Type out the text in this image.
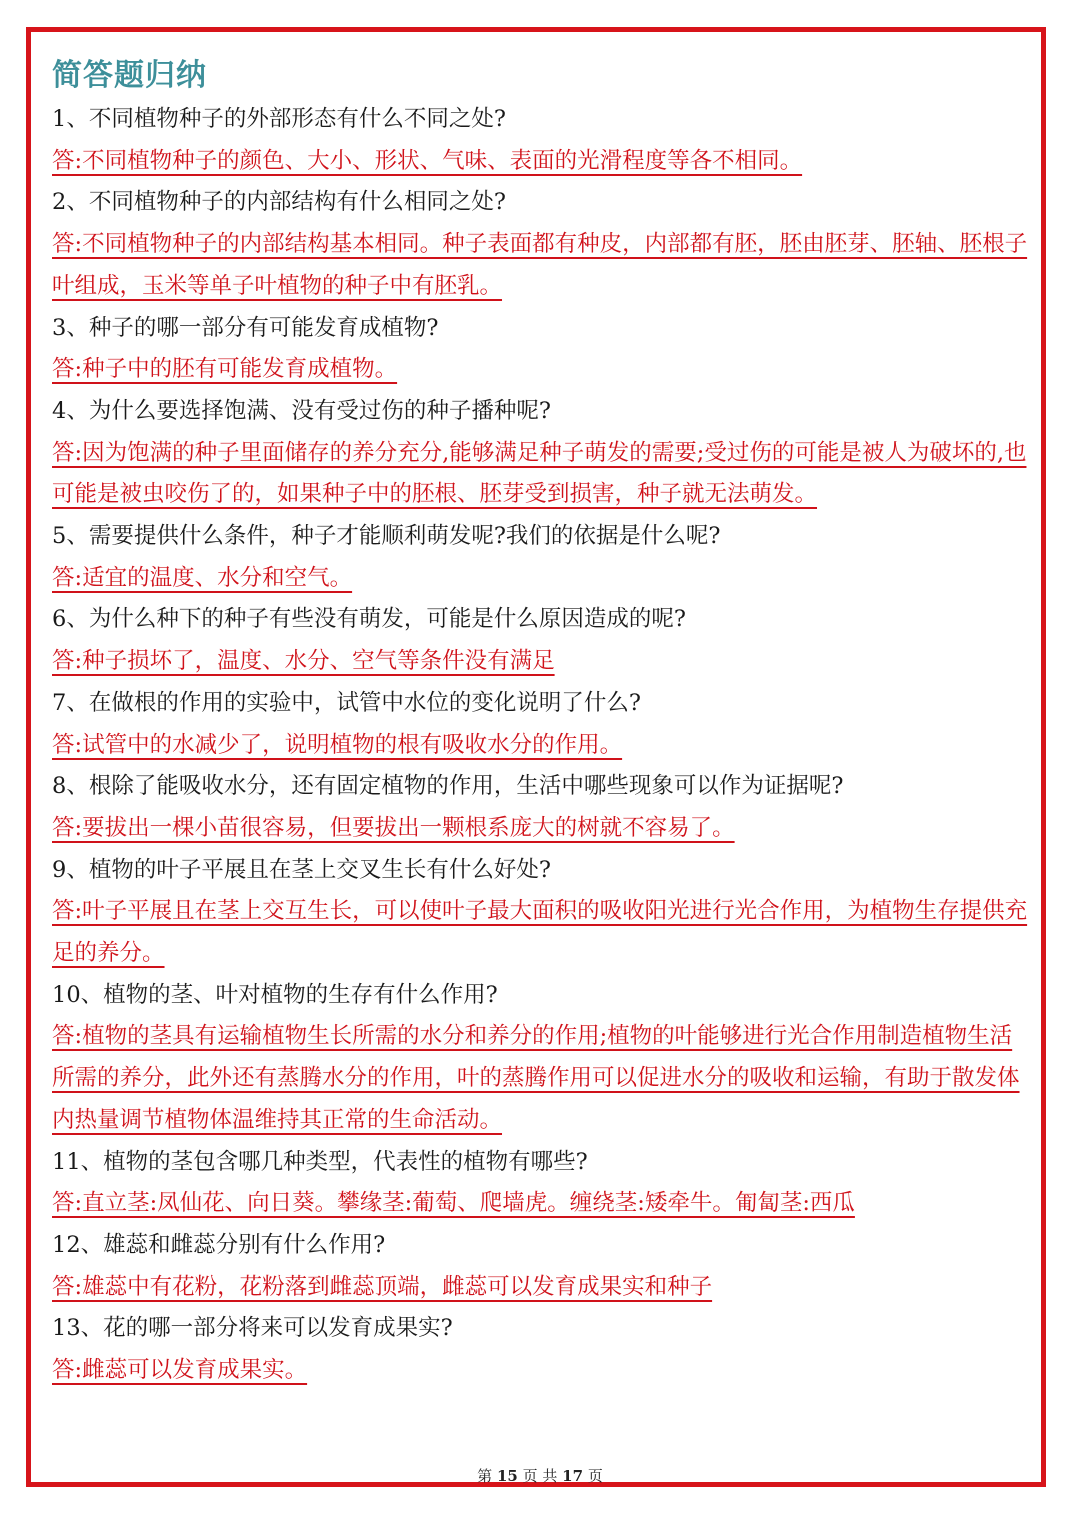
简答题归纳

1、不同植物种子的外部形态有什么不同之处?

答:不同植物种子的颜色、大小、形状、气味、表面的光滑程度等各不相同。

2、不同植物种子的内部结构有什么相同之处?

答:不同植物种子的内部结构基本相同。种子表面都有种皮，内部都有胚，胚由胚芽、胚轴、胚根子叶组成，玉米等单子叶植物的种子中有胚乳。

3、种子的哪一部分有可能发育成植物?

答:种子中的胚有可能发育成植物。

4、为什么要选择饱满、没有受过伤的种子播种呢?

答:因为饱满的种子里面储存的养分充分,能够满足种子萌发的需要;受过伤的可能是被人为破坏的,也可能是被虫咬伤了的，如果种子中的胚根、胚芽受到损害，种子就无法萌发。

5、需要提供什么条件，种子才能顺利萌发呢?我们的依据是什么呢?

答:适宜的温度、水分和空气。

6、为什么种下的种子有些没有萌发，可能是什么原因造成的呢?

答:种子损坏了，温度、水分、空气等条件没有满足

7、在做根的作用的实验中，试管中水位的变化说明了什么?

答:试管中的水减少了，说明植物的根有吸收水分的作用。

8、根除了能吸收水分，还有固定植物的作用，生活中哪些现象可以作为证据呢?

答:要拔出一棵小苗很容易，但要拔出一颗根系庞大的树就不容易了。

9、植物的叶子平展且在茎上交叉生长有什么好处?

答:叶子平展且在茎上交互生长，可以使叶子最大面积的吸收阳光进行光合作用，为植物生存提供充足的养分。

10、植物的茎、叶对植物的生存有什么作用?

答:植物的茎具有运输植物生长所需的水分和养分的作用;植物的叶能够进行光合作用制造植物生活所需的养分，此外还有蒸腾水分的作用，叶的蒸腾作用可以促进水分的吸收和运输，有助于散发体内热量调节植物体温维持其正常的生命活动。

11、植物的茎包含哪几种类型，代表性的植物有哪些?

答:直立茎:凤仙花、向日葵。攀缘茎:葡萄、爬墙虎。缠绕茎:矮牵牛。匍匐茎:西瓜

12、雄蕊和雌蕊分别有什么作用?

答:雄蕊中有花粉，花粉落到雌蕊顶端，雌蕊可以发育成果实和种子

13、花的哪一部分将来可以发育成果实?

答:雌蕊可以发育成果实。

第 15 页 共 17 页
